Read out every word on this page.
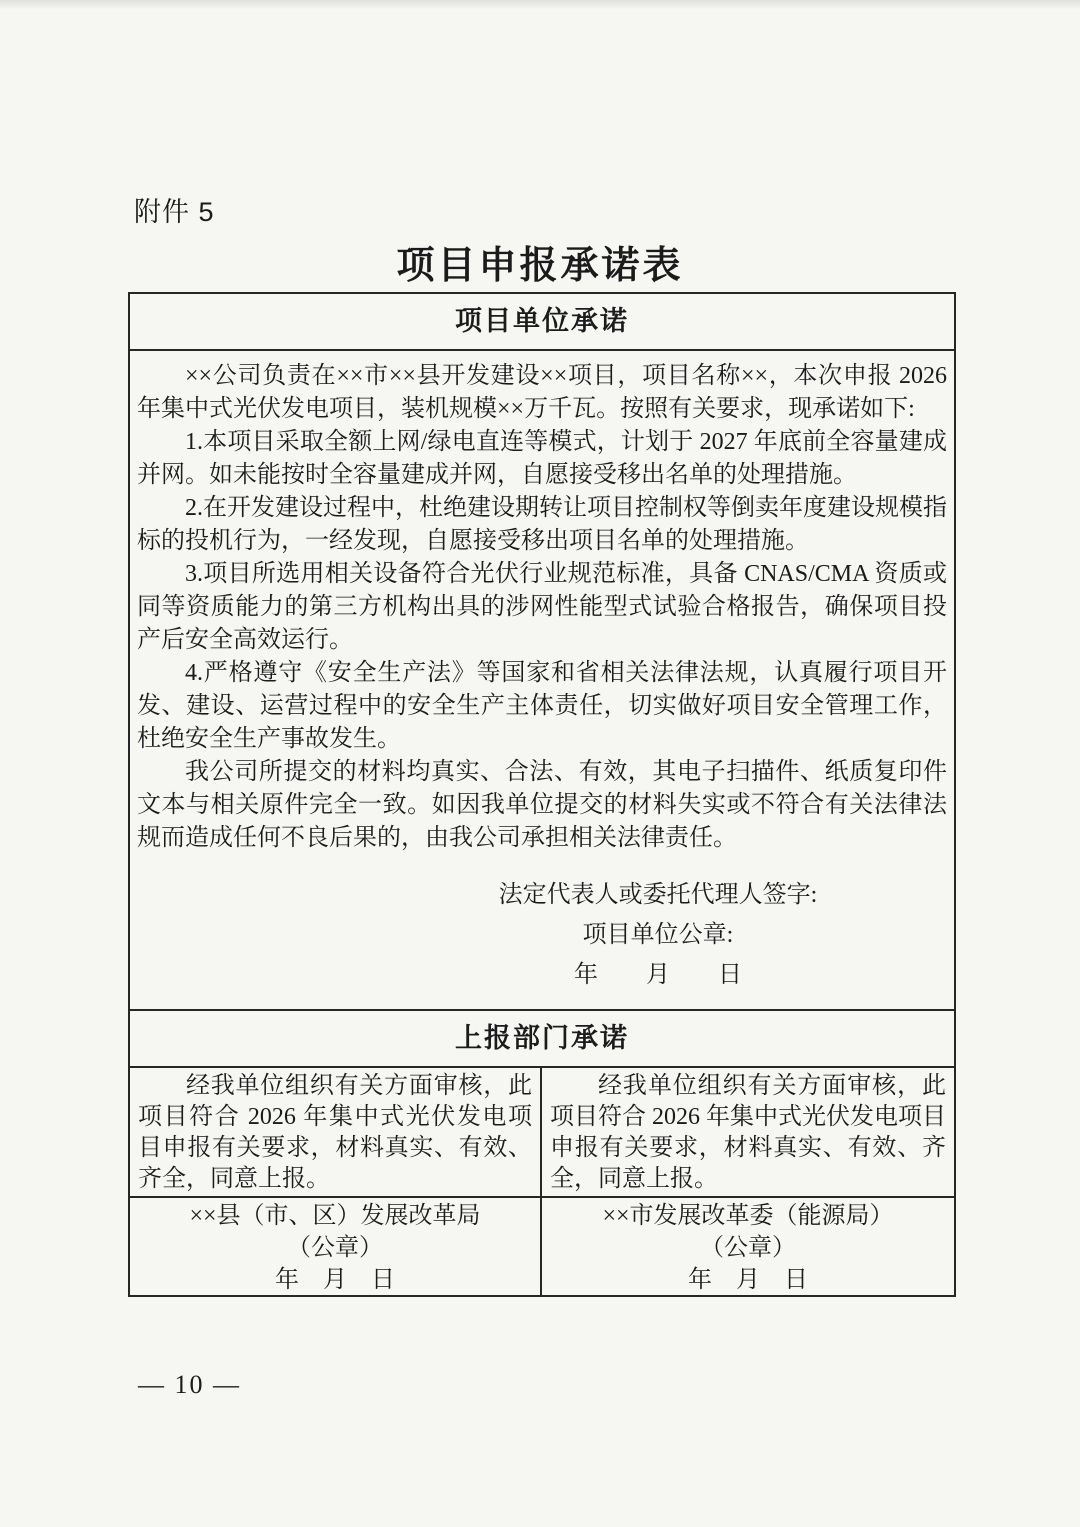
附件 5
项目申报承诺表
项目单位承诺

××公司负责在××市××县开发建设××项目，项目名称××，本次申报 2026 年集中式光伏发电项目，装机规模××万千瓦。按照有关要求，现承诺如下:

1.本项目采取全额上网/绿电直连等模式，计划于 2027 年底前全容量建成并网。如未能按时全容量建成并网，自愿接受移出名单的处理措施。

2.在开发建设过程中，杜绝建设期转让项目控制权等倒卖年度建设规模指标的投机行为，一经发现，自愿接受移出项目名单的处理措施。

3.项目所选用相关设备符合光伏行业规范标准，具备 CNAS/CMA 资质或同等资质能力的第三方机构出具的涉网性能型式试验合格报告，确保项目投产后安全高效运行。

4.严格遵守《安全生产法》等国家和省相关法律法规，认真履行项目开发、建设、运营过程中的安全生产主体责任，切实做好项目安全管理工作，杜绝安全生产事故发生。

我公司所提交的材料均真实、合法、有效，其电子扫描件、纸质复印件文本与相关原件完全一致。如因我单位提交的材料失实或不符合有关法律法规而造成任何不良后果的，由我公司承担相关法律责任。

法定代表人或委托代理人签字:
项目单位公章:
年　　月　　日
上报部门承诺
经我单位组织有关方面审核，此项目符合 2026 年集中式光伏发电项目申报有关要求，材料真实、有效、齐全，同意上报。
经我单位组织有关方面审核，此项目符合 2026 年集中式光伏发电项目申报有关要求，材料真实、有效、齐全，同意上报。
××县（市、区）发展改革局
（公章）
年　月　日
××市发展改革委（能源局）
（公章）
年　月　日
— 10 —
